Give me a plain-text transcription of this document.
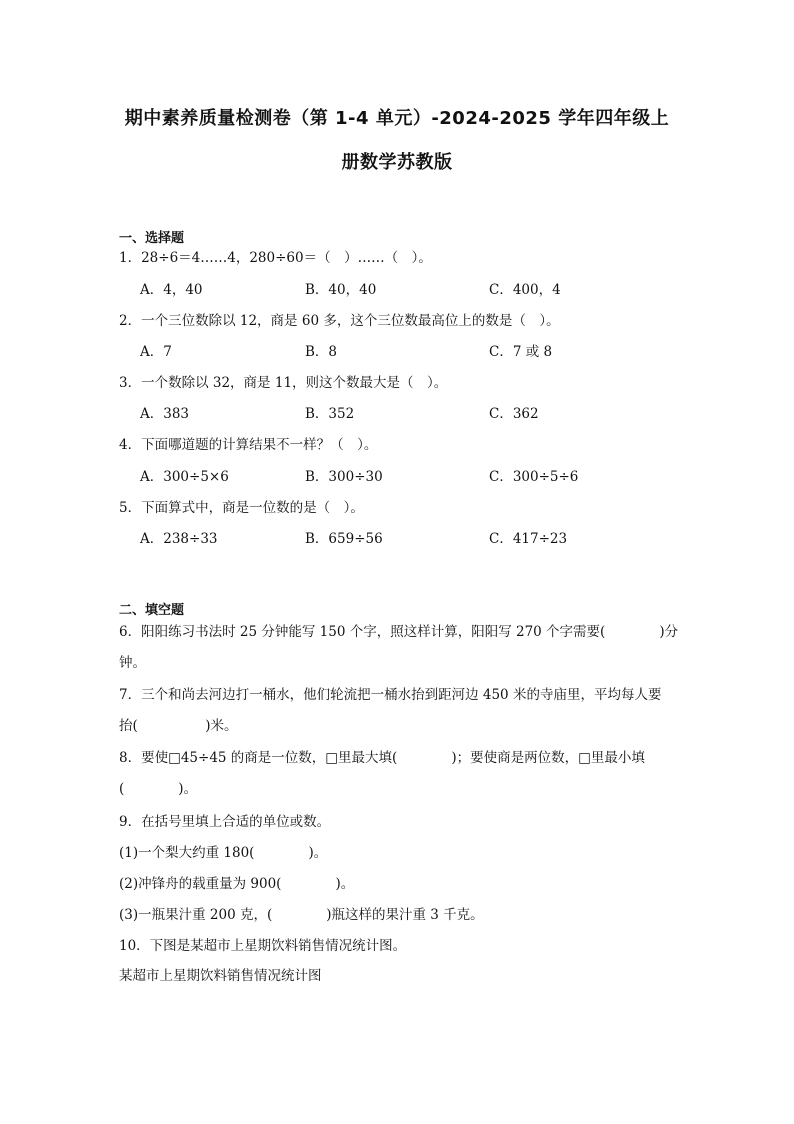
期中素养质量检测卷（第 1-4 单元）-2024-2025 学年四年级上
册数学苏教版
一、选择题
1．28÷6＝4……4，280÷60＝（　）……（　）。
A．4，40	B．40，40	C．400，4
2．一个三位数除以 12，商是 60 多，这个三位数最高位上的数是（　）。
A．7	B．8	C．7 或 8
3．一个数除以 32，商是 11，则这个数最大是（　）。
A．383	B．352	C．362
4．下面哪道题的计算结果不一样？（　）。
A．300÷5×6	B．300÷30	C．300÷5÷6
5．下面算式中，商是一位数的是（　）。
A．238÷33	B．659÷56	C．417÷23
二、填空题
6．阳阳练习书法时 25 分钟能写 150 个字，照这样计算，阳阳写 270 个字需要(　　　　)分
钟。
7．三个和尚去河边打一桶水，他们轮流把一桶水抬到距河边 450 米的寺庙里，平均每人要
抬(　　　　　)米。
8．要使□45÷45 的商是一位数，□里最大填(　　　　)；要使商是两位数，□里最小填
(　　　　)。
9．在括号里填上合适的单位或数。
(1)一个梨大约重 180(　　　　)。
(2)冲锋舟的载重量为 900(　　　　)。
(3)一瓶果汁重 200 克，(　　　　)瓶这样的果汁重 3 千克。
10．下图是某超市上星期饮料销售情况统计图。
某超市上星期饮料销售情况统计图
